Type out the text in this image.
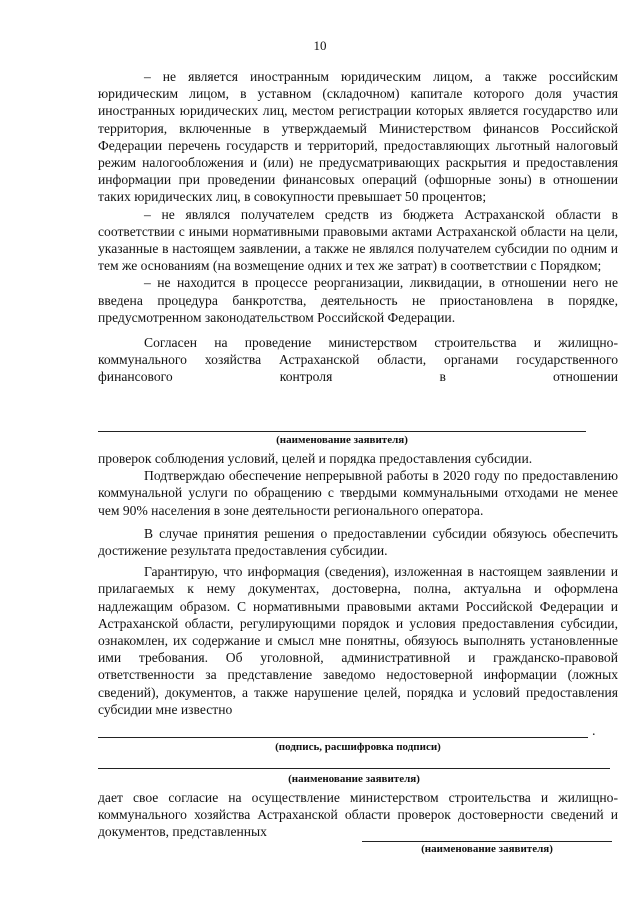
10

– не является иностранным юридическим лицом, а также российским юридическим лицом, в уставном (складочном) капитале которого доля участия иностранных юридических лиц, местом регистрации которых является государство или территория, включенные в утверждаемый Министерством финансов Российской Федерации перечень государств и территорий, предоставляющих льготный налоговый режим налогообложения и (или) не предусматривающих раскрытия и предоставления информации при проведении финансовых операций (офшорные зоны) в отношении таких юридических лиц, в совокупности превышает 50 процентов;

– не являлся получателем средств из бюджета Астраханской области в соответствии с иными нормативными правовыми актами Астраханской области на цели, указанные в настоящем заявлении, а также не являлся получателем субсидии по одним и тем же основаниям (на возмещение одних и тех же затрат) в соответствии с Порядком;

– не находится в процессе реорганизации, ликвидации, в отношении него не введена процедура банкротства, деятельность не приостановлена в порядке, предусмотренном законодательством Российской Федерации.

Согласен на проведение министерством строительства и жилищно-коммунального хозяйства Астраханской области, органами государственного финансового контроля в отношении

(наименование заявителя)

проверок соблюдения условий, целей и порядка предоставления субсидии.

Подтверждаю обеспечение непрерывной работы в 2020 году по предоставлению коммунальной услуги по обращению с твердыми коммунальными отходами не менее чем 90% населения в зоне деятельности регионального оператора.

В случае принятия решения о предоставлении субсидии обязуюсь обеспечить достижение результата предоставления субсидии.

Гарантирую, что информация (сведения), изложенная в настоящем заявлении и прилагаемых к нему документах, достоверна, полна, актуальна и оформлена надлежащим образом. С нормативными правовыми актами Российской Федерации и Астраханской области, регулирующими порядок и условия предоставления субсидии, ознакомлен, их содержание и смысл мне понятны, обязуюсь выполнять установленные ими требования. Об уголовной, административной и гражданско-правовой ответственности за представление заведомо недостоверной информации (ложных сведений), документов, а также нарушение целей, порядка и условий предоставления субсидии мне известно

.
(подпись, расшифровка подписи)
(наименование заявителя)

дает свое согласие на осуществление министерством строительства и жилищно-коммунального хозяйства Астраханской области проверок достоверности сведений и документов, представленных

(наименование заявителя)
